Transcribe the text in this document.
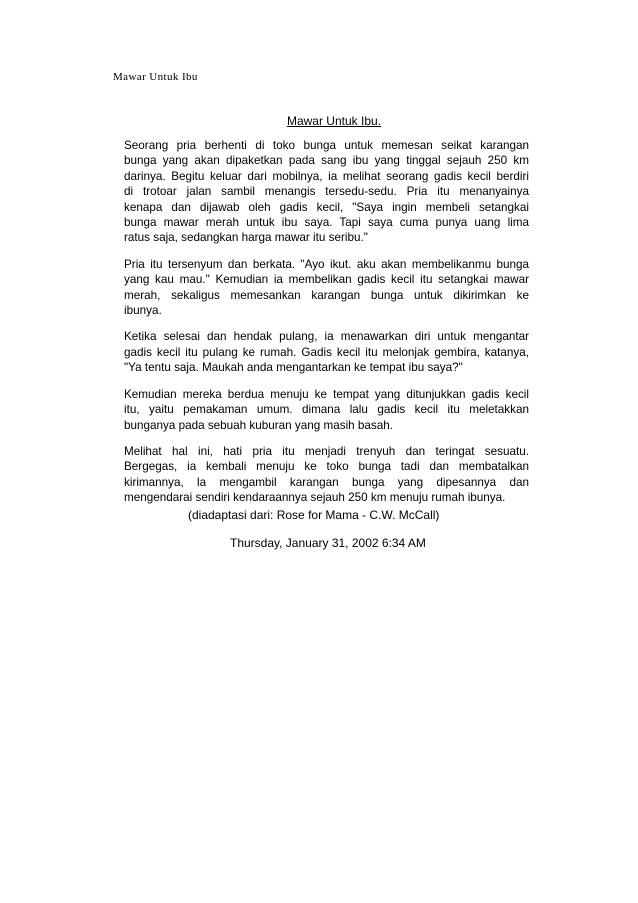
Mawar Untuk Ibu
Mawar Untuk Ibu.
Seorang pria berhenti di toko bunga untuk memesan seikat karangan
bunga yang akan dipaketkan pada sang ibu yang tinggal sejauh 250 km
darinya. Begitu keluar dari mobilnya, ia melihat seorang gadis kecil berdiri
di trotoar jalan sambil menangis tersedu-sedu. Pria itu menanyainya
kenapa dan dijawab oleh gadis kecil, "Saya ingin membeli setangkai
bunga mawar merah untuk ibu saya. Tapi saya cuma punya uang lima
ratus saja, sedangkan harga mawar itu seribu."
Pria itu tersenyum dan berkata. "Ayo ikut. aku akan membelikanmu bunga
yang kau mau." Kemudian ia membelikan gadis kecil itu setangkai mawar
merah, sekaligus memesankan karangan bunga untuk dikirimkan ke
ibunya.
Ketika selesai dan hendak pulang, ia menawarkan diri untuk mengantar
gadis kecil itu pulang ke rumah. Gadis kecil itu melonjak gembira, katanya,
"Ya tentu saja. Maukah anda mengantarkan ke tempat ibu saya?"
Kemudian mereka berdua menuju ke tempat yang ditunjukkan gadis kecil
itu, yaitu pemakaman umum. dimana lalu gadis kecil itu meletakkan
bunganya pada sebuah kuburan yang masih basah.
Melihat hal ini, hati pria itu menjadi trenyuh dan teringat sesuatu.
Bergegas, ia kembali menuju ke toko bunga tadi dan membatalkan
kirimannya, la mengambil karangan bunga yang dipesannya dan
mengendarai sendiri kendaraannya sejauh 250 km menuju rumah ibunya.
(diadaptasi dari: Rose for Mama - C.W. McCall)
Thursday, January 31, 2002 6:34 AM
